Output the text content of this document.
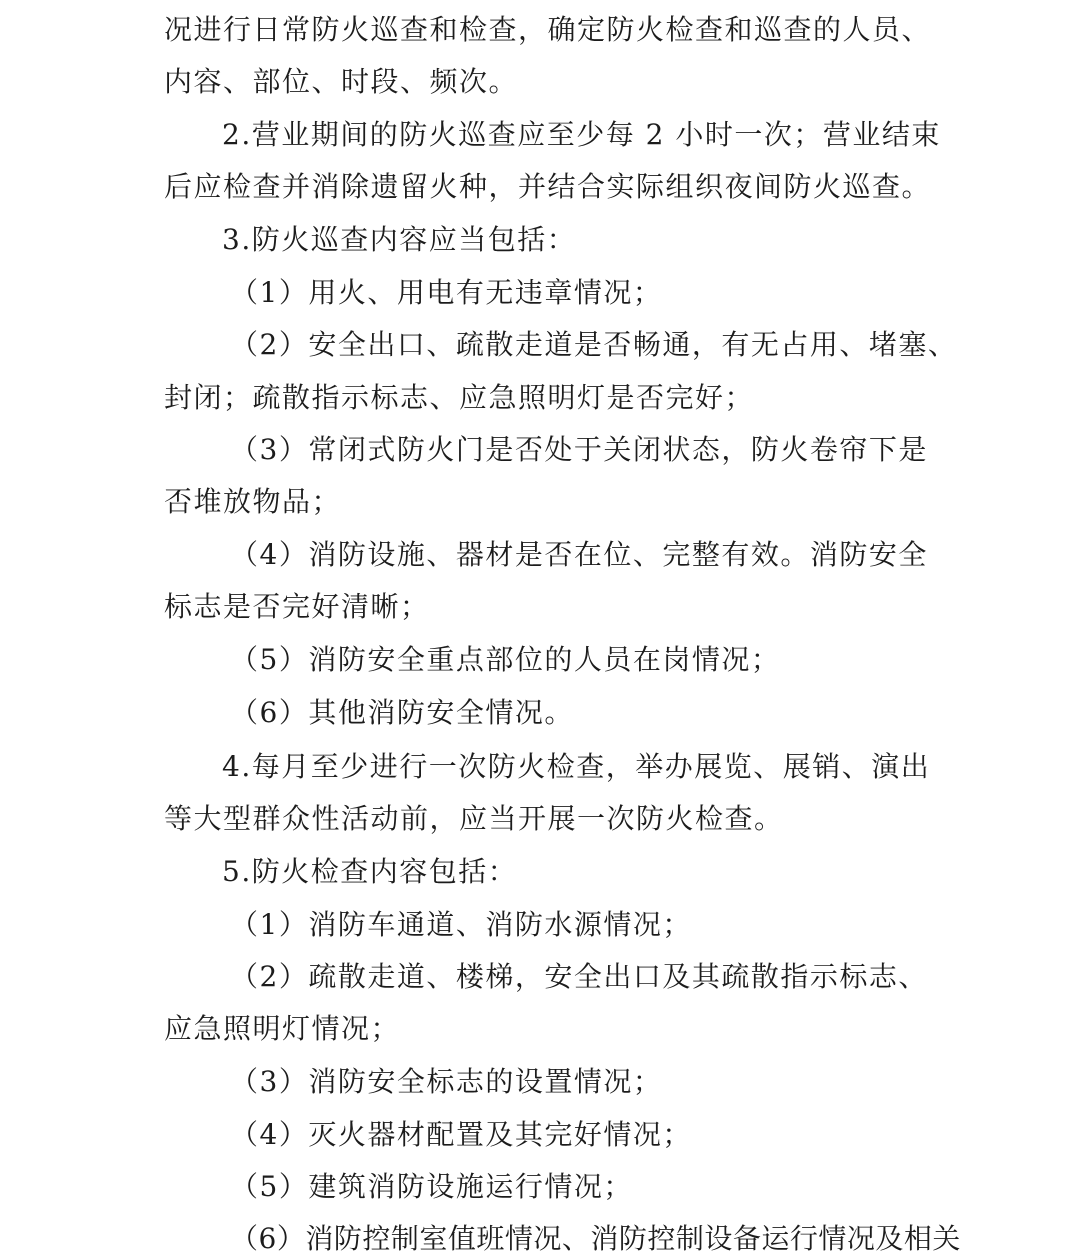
况进行日常防火巡查和检查，确定防火检查和巡查的人员、
内容、部位、时段、频次。
2.营业期间的防火巡查应至少每 2 小时一次；营业结束
后应检查并消除遗留火种，并结合实际组织夜间防火巡查。
3.防火巡查内容应当包括：
（1）用火、用电有无违章情况；
（2）安全出口、疏散走道是否畅通，有无占用、堵塞、
封闭；疏散指示标志、应急照明灯是否完好；
（3）常闭式防火门是否处于关闭状态，防火卷帘下是
否堆放物品；
（4）消防设施、器材是否在位、完整有效。消防安全
标志是否完好清晰；
（5）消防安全重点部位的人员在岗情况；
（6）其他消防安全情况。
4.每月至少进行一次防火检查，举办展览、展销、演出
等大型群众性活动前，应当开展一次防火检查。
5.防火检查内容包括：
（1）消防车通道、消防水源情况；
（2）疏散走道、楼梯，安全出口及其疏散指示标志、
应急照明灯情况；
（3）消防安全标志的设置情况；
（4）灭火器材配置及其完好情况；
（5）建筑消防设施运行情况；
（6）消防控制室值班情况、消防控制设备运行情况及相关
